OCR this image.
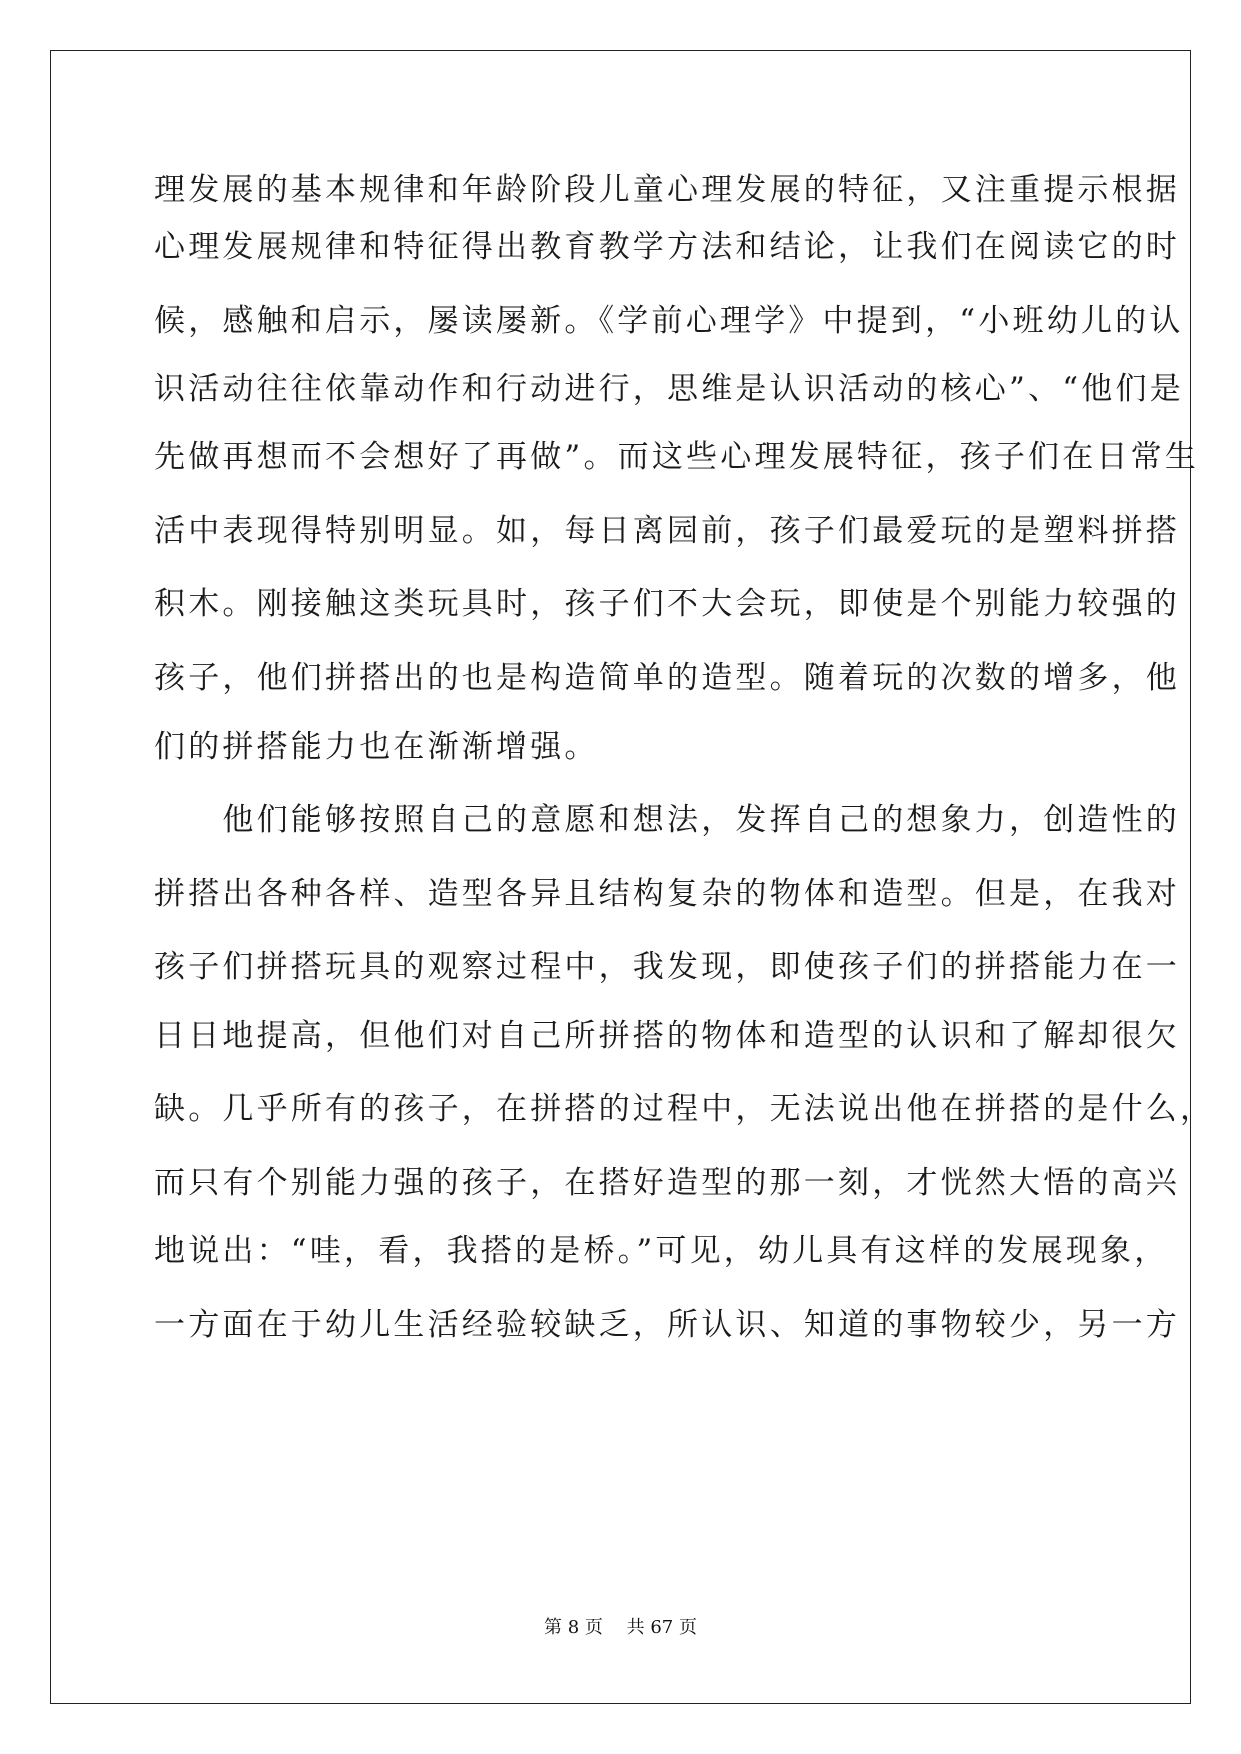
理发展的基本规律和年龄阶段儿童心理发展的特征，又注重提示根据
心理发展规律和特征得出教育教学方法和结论，让我们在阅读它的时
候，感触和启示，屡读屡新。《学前心理学》中提到，“小班幼儿的认
识活动往往依靠动作和行动进行，思维是认识活动的核心”、“他们是
先做再想而不会想好了再做”。而这些心理发展特征，孩子们在日常生
活中表现得特别明显。如，每日离园前，孩子们最爱玩的是塑料拼搭
积木。刚接触这类玩具时，孩子们不大会玩，即使是个别能力较强的
孩子，他们拼搭出的也是构造简单的造型。随着玩的次数的增多，他
们的拼搭能力也在渐渐增强。
　　他们能够按照自己的意愿和想法，发挥自己的想象力，创造性的
拼搭出各种各样、造型各异且结构复杂的物体和造型。但是，在我对
孩子们拼搭玩具的观察过程中，我发现，即使孩子们的拼搭能力在一
日日地提高，但他们对自己所拼搭的物体和造型的认识和了解却很欠
缺。几乎所有的孩子，在拼搭的过程中，无法说出他在拼搭的是什么，
而只有个别能力强的孩子，在搭好造型的那一刻，才恍然大悟的高兴
地说出：“哇，看，我搭的是桥。”可见，幼儿具有这样的发展现象，
一方面在于幼儿生活经验较缺乏，所认识、知道的事物较少，另一方
第 8 页　 共 67 页
